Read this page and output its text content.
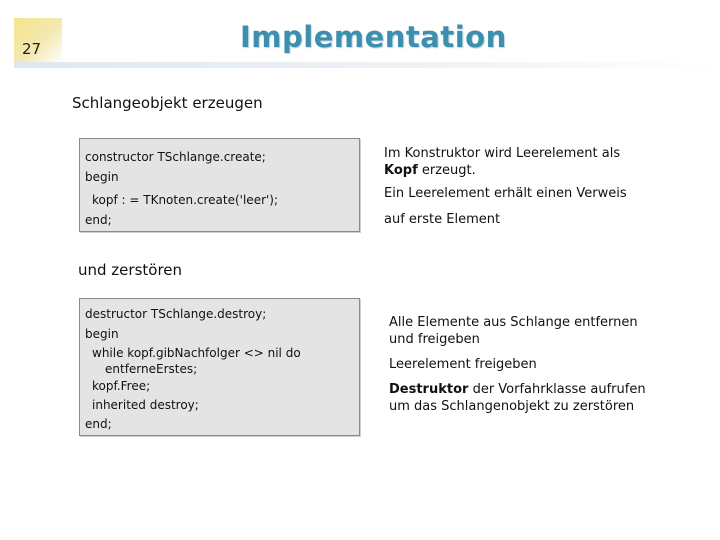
27	Implementation
Schlangeobjekt erzeugen
constructor TSchlange.create;
begin
kopf : = TKnoten.create('leer');
end;
Im Konstruktor wird Leerelement als
Kopf erzeugt.
Ein Leerelement erhält einen Verweis
auf erste Element
und zerstören
destructor TSchlange.destroy;
begin
while kopf.gibNachfolger <> nil do
entferneErstes;
kopf.Free;
inherited destroy;
end;
Alle Elemente aus Schlange entfernen
und freigeben
Leerelement freigeben
Destruktor der Vorfahrklasse aufrufen
um das Schlangenobjekt zu zerstören
